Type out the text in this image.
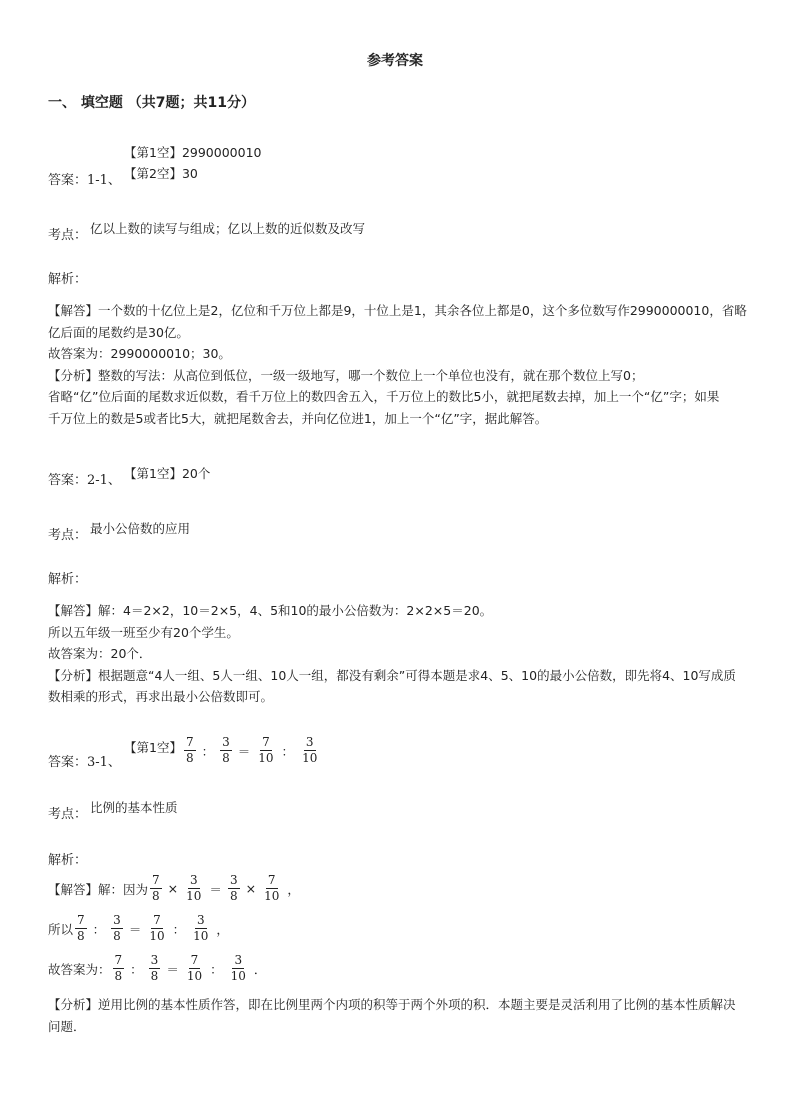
参考答案
一、 填空题 （共7题；共11分）
【第1空】2990000010
答案：1-1、 【第2空】30
考点： 亿以上数的读写与组成；亿以上数的近似数及改写
解析：

【解答】一个数的十亿位上是2，亿位和千万位上都是9，十位上是1，其余各位上都是0，这个多位数写作2990000010，省略

亿后面的尾数约是30亿。

故答案为：2990000010；30。

【分析】整数的写法：从高位到低位，一级一级地写，哪一个数位上一个单位也没有，就在那个数位上写0；

省略“亿”位后面的尾数求近似数，看千万位上的数四舍五入，千万位上的数比5小，就把尾数去掉，加上一个“亿”字；如果

千万位上的数是5或者比5大，就把尾数舍去，并向亿位进1，加上一个“亿”字，据此解答。

答案：2-1、 【第1空】20个
考点： 最小公倍数的应用
解析：

【解答】解：4＝2×2，10＝2×5，4、5和10的最小公倍数为：2×2×5＝20。

所以五年级一班至少有20个学生。

故答案为：20个．

【分析】根据题意“4人一组、5人一组、10人一组，都没有剩余”可得本题是求4、5、10的最小公倍数，即先将4、10写成质

数相乘的形式，再求出最小公倍数即可。

答案：3-1、
【第1空】 $\frac{7}{8}$ ： $\frac{3}{8} = \frac{7}{10}$ ： $\frac{3}{10}$
考点： 比例的基本性质
解析：
【解答】解：因为 $\frac{7}{8} \times \frac{3}{10} = \frac{3}{8} \times \frac{7}{10}$ ，
所以 $\frac{7}{8}$ ： $\frac{3}{8} = \frac{7}{10}$ ： $\frac{3}{10}$ ，
故答案为： $\frac{7}{8}$ ： $\frac{3}{8} = \frac{7}{10}$ ： $\frac{3}{10}$ ．

【分析】逆用比例的基本性质作答，即在比例里两个内项的积等于两个外项的积．本题主要是灵活利用了比例的基本性质解决

问题．
